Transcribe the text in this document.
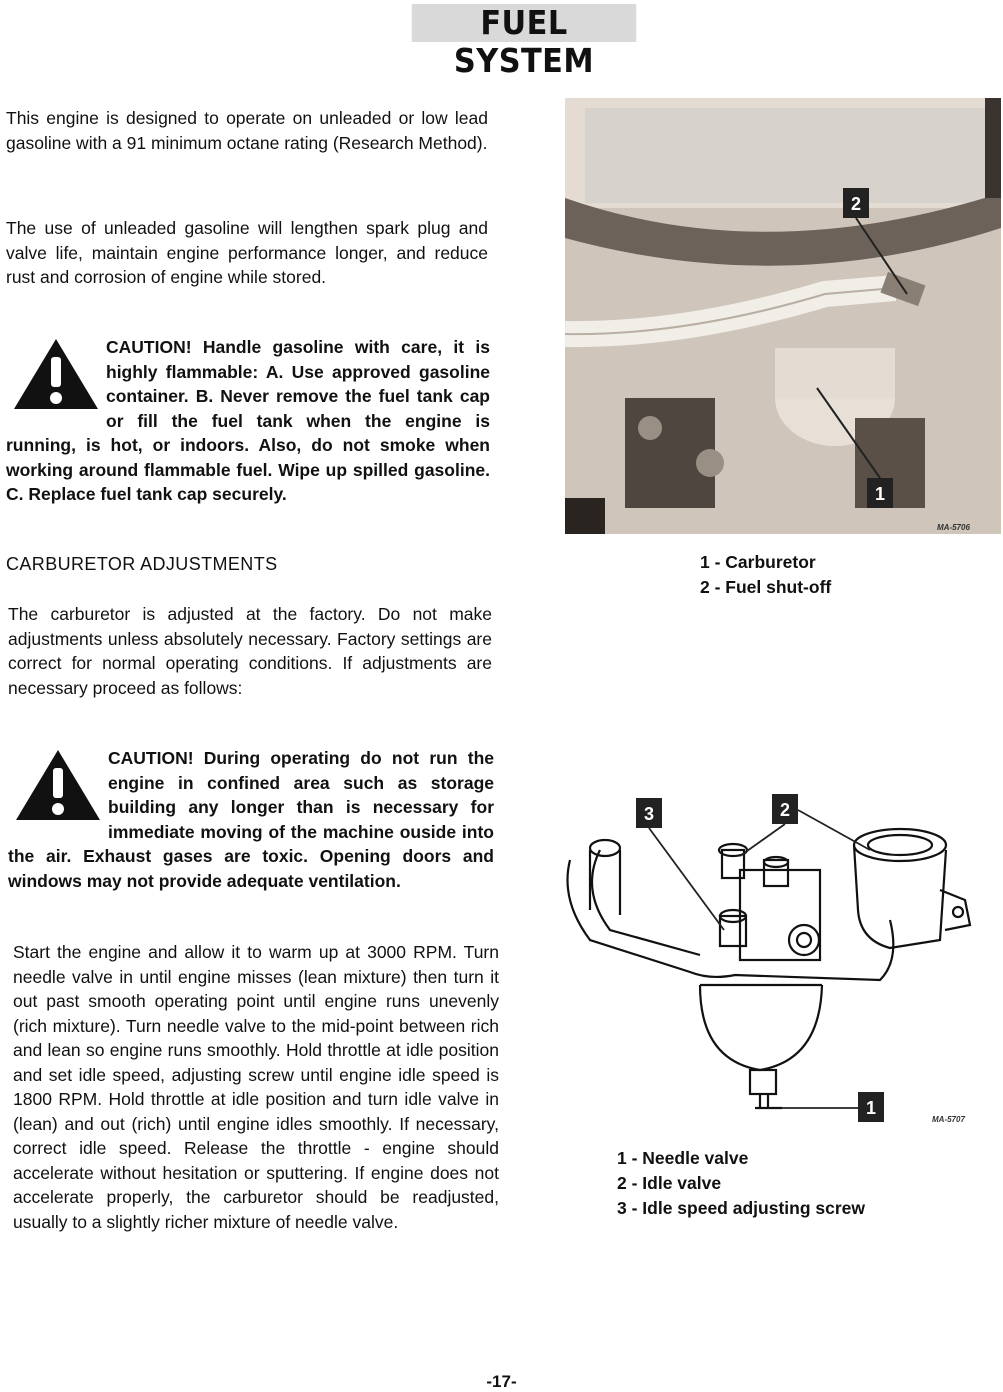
FUEL SYSTEM

This engine is designed to operate on unleaded or low lead gasoline with a 91 minimum octane rating (Research Method).

The use of unleaded gasoline will lengthen spark plug and valve life, maintain engine performance longer, and reduce rust and corrosion of engine while stored.

CAUTION! Handle gasoline with care, it is highly flammable: A. Use approved gasoline container. B. Never remove the fuel tank cap or fill the fuel tank when the engine is running, is hot, or indoors. Also, do not smoke when working around flammable fuel. Wipe up spilled gasoline. C. Replace fuel tank cap securely.
CARBURETOR ADJUSTMENTS

The carburetor is adjusted at the factory. Do not make adjustments unless absolutely necessary. Factory settings are correct for normal operating conditions. If adjustments are necessary proceed as follows:

CAUTION! During operating do not run the engine in confined area such as storage building any longer than is necessary for immediate moving of the machine ouside into the air. Exhaust gases are toxic. Opening doors and windows may not provide adequate ventilation.

Start the engine and allow it to warm up at 3000 RPM. Turn needle valve in until engine misses (lean mixture) then turn it out past smooth operating point until engine runs unevenly (rich mixture). Turn needle valve to the mid-point between rich and lean so engine runs smoothly. Hold throttle at idle position and set idle speed, adjusting screw until engine idle speed is 1800 RPM. Hold throttle at idle position and turn idle valve in (lean) and out (rich) until engine idles smoothly. If necessary, correct idle speed. Release the throttle - engine should accelerate without hesitation or sputtering. If engine does not accelerate properly, the carburetor should be readjusted, usually to a slightly richer mixture of needle valve.

2
1
MA-5706
1 - Carburetor
2 - Fuel shut-off
3	2
1
MA-5707
1 - Needle valve
2 - Idle valve
3 - Idle speed adjusting screw
-17-
